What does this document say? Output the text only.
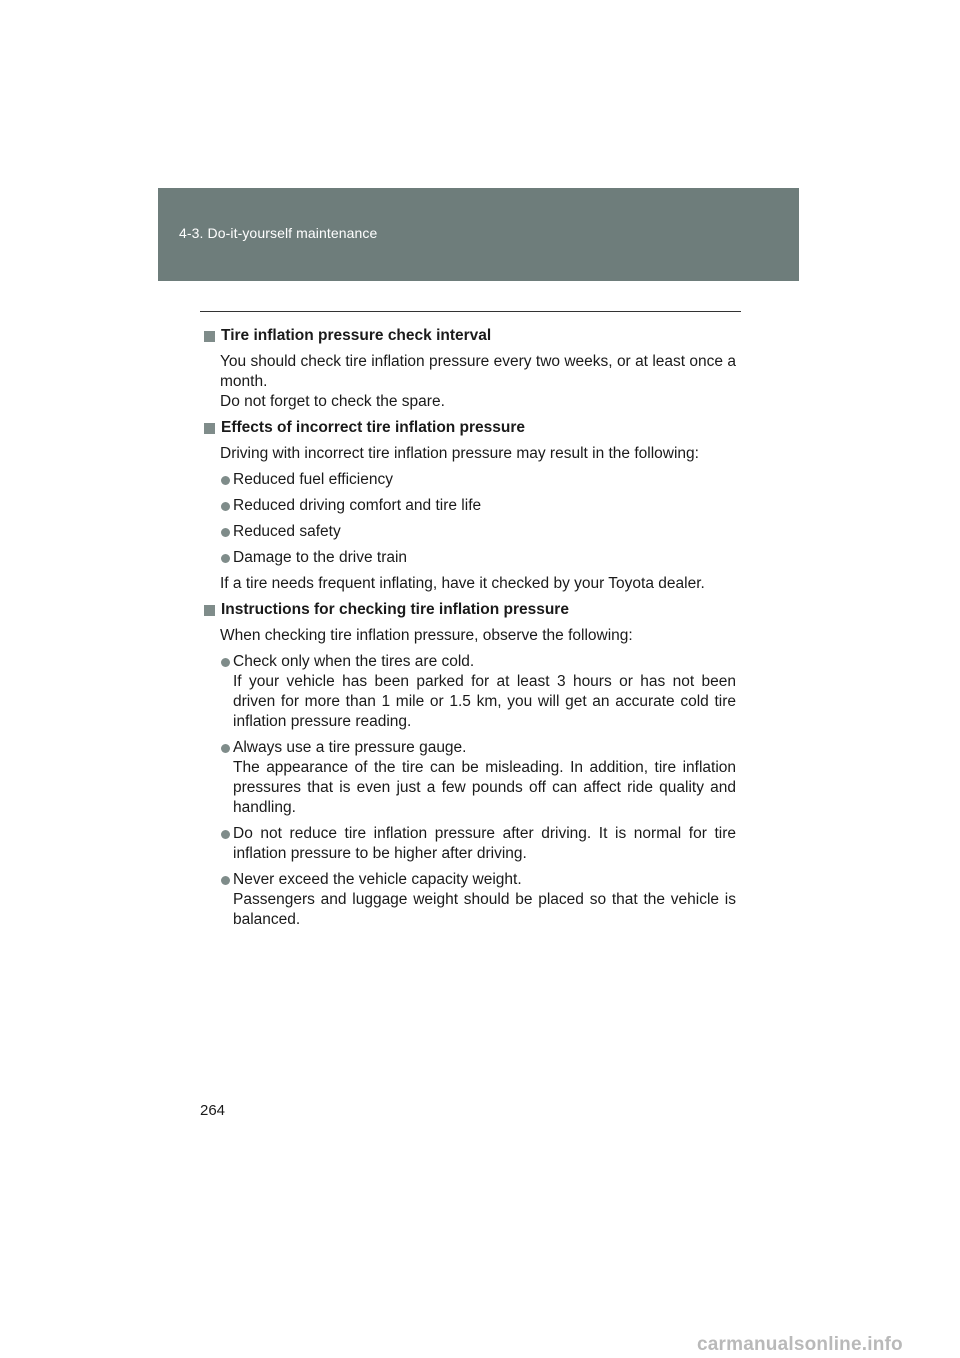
4-3. Do-it-yourself maintenance
Tire inflation pressure check interval
You should check tire inflation pressure every two weeks, or at least once a month.
Do not forget to check the spare.
Effects of incorrect tire inflation pressure
Driving with incorrect tire inflation pressure may result in the following:
Reduced fuel efficiency
Reduced driving comfort and tire life
Reduced safety
Damage to the drive train
If a tire needs frequent inflating, have it checked by your Toyota dealer.
Instructions for checking tire inflation pressure
When checking tire inflation pressure, observe the following:
Check only when the tires are cold.
If your vehicle has been parked for at least 3 hours or has not been driven for more than 1 mile or 1.5 km, you will get an accurate cold tire inflation pressure reading.
Always use a tire pressure gauge.
The appearance of the tire can be misleading. In addition, tire inflation pressures that is even just a few pounds off can affect ride quality and handling.
Do not reduce tire inflation pressure after driving. It is normal for tire inflation pressure to be higher after driving.
Never exceed the vehicle capacity weight.
Passengers and luggage weight should be placed so that the vehicle is balanced.
264
carmanualsonline.info
